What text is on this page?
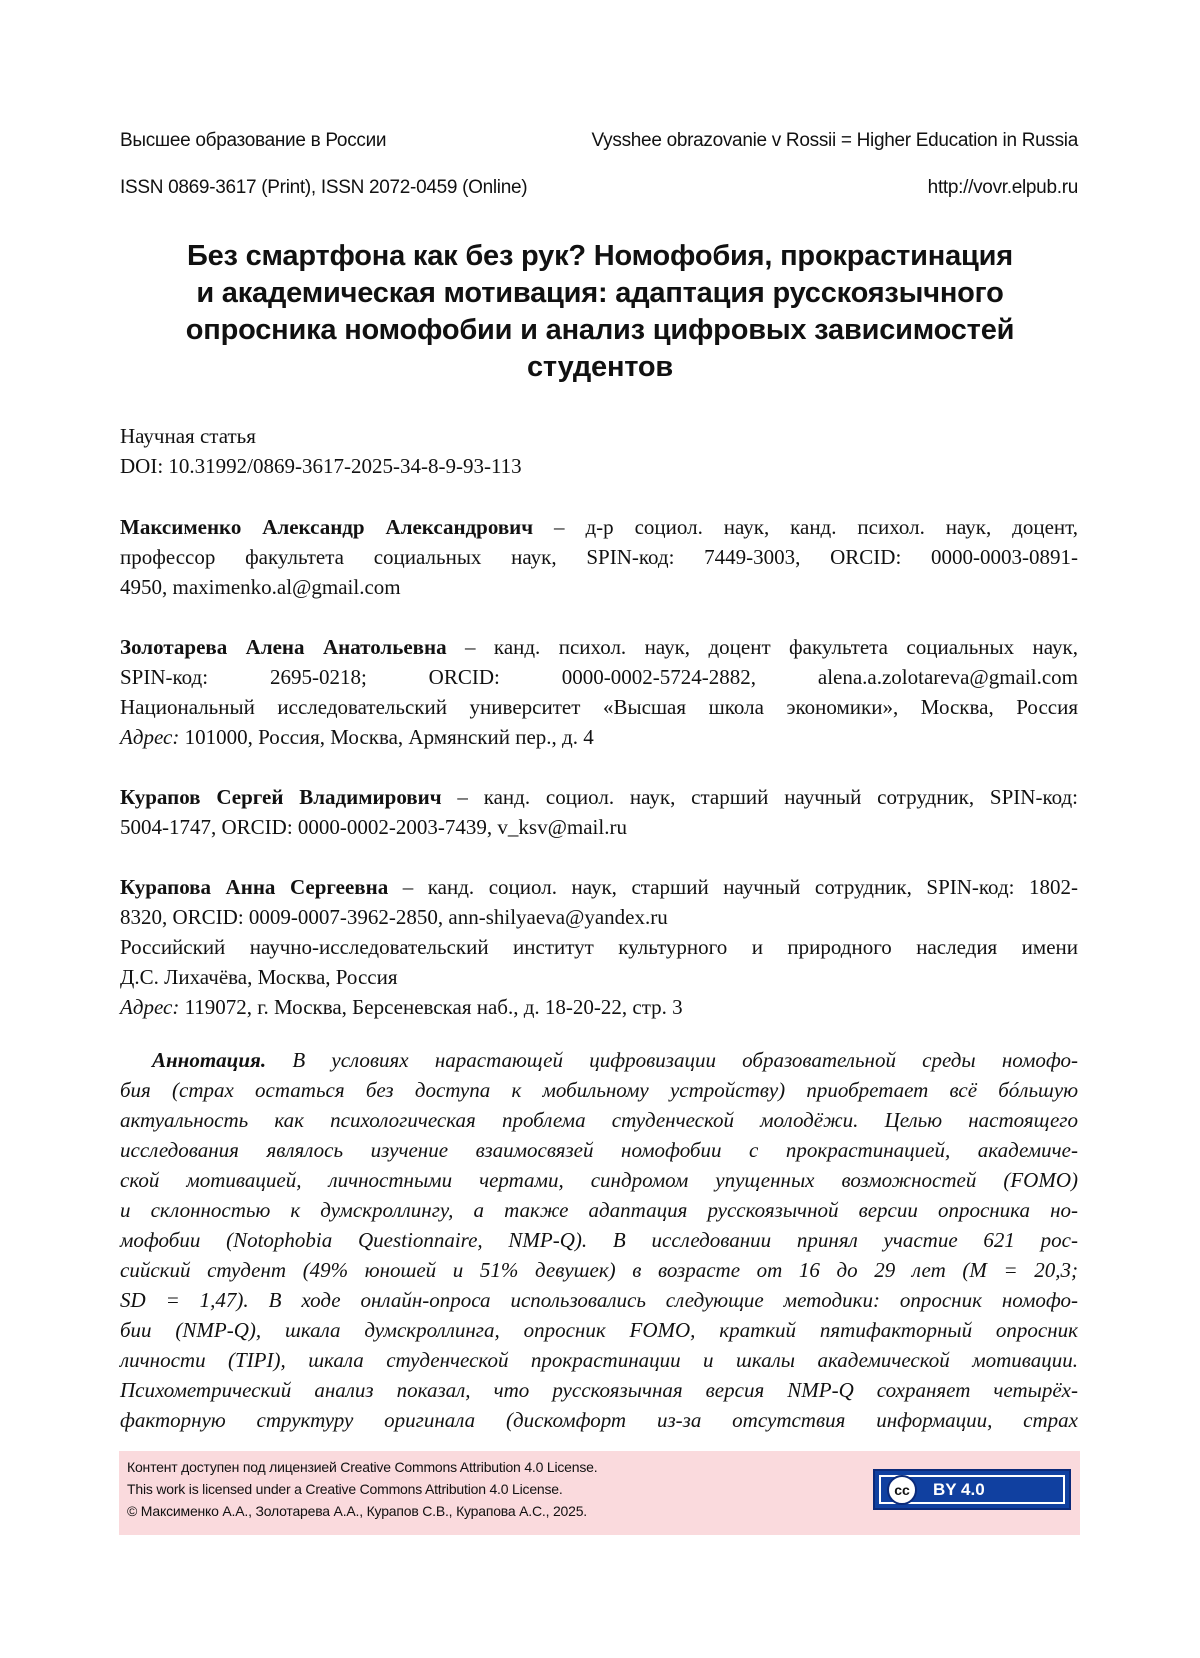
Высшее образование в России	Vysshee obrazovanie v Rossii = Higher Education in Russia
ISSN 0869-3617 (Print), ISSN 2072-0459 (Online)	http://vovr.elpub.ru
Без смартфона как без рук? Номофобия, прокрастинация
и академическая мотивация: адаптация русскоязычного
опросника номофобии и анализ цифровых зависимостей
студентов
Научная статья
DOI: 10.31992/0869-3617-2025-34-8-9-93-113
Максименко Александр Александрович – д-р социол. наук, канд. психол. наук, доцент,
профессор факультета социальных наук, SPIN-код: 7449-3003, ORCID: 0000-0003-0891-
4950, maximenko.al@gmail.com
Золотарева Алена Анатольевна – канд. психол. наук, доцент факультета социальных наук,
SPIN-код: 2695-0218; ORCID: 0000-0002-5724-2882, alena.a.zolotareva@gmail.com
Национальный исследовательский университет «Высшая школа экономики», Москва, Россия
Адрес: 101000, Россия, Москва, Армянский пер., д. 4
Курапов Сергей Владимирович – канд. социол. наук, старший научный сотрудник, SPIN-код:
5004-1747, ORCID: 0000-0002-2003-7439, v_ksv@mail.ru
Курапова Анна Сергеевна – канд. социол. наук, старший научный сотрудник, SPIN-код: 1802-
8320, ORCID: 0009-0007-3962-2850, ann-shilyaeva@yandex.ru
Российский научно-исследовательский институт культурного и природного наследия имени
Д.С. Лихачёва, Москва, Россия
Адрес: 119072, г. Москва, Берсеневская наб., д. 18-20-22, стр. 3
Аннотация. В условиях нарастающей цифровизации образовательной среды номофо-
бия (страх остаться без доступа к мобильному устройству) приобретает всё бóльшую
актуальность как психологическая проблема студенческой молодёжи. Целью настоящего
исследования являлось изучение взаимосвязей номофобии с прокрастинацией, академиче-
ской мотивацией, личностными чертами, синдромом упущенных возможностей (FOMO)
и склонностью к думскроллингу, а также адаптация русскоязычной версии опросника но-
мофобии (Notophobia Questionnaire, NMP-Q). В исследовании принял участие 621 рос-
сийский студент (49% юношей и 51% девушек) в возрасте от 16 до 29 лет (M = 20,3;
SD = 1,47). В ходе онлайн-опроса использовались следующие методики: опросник номофо-
бии (NMP-Q), шкала думскроллинга, опросник FOMO, краткий пятифакторный опросник
личности (TIPI), шкала студенческой прокрастинации и шкалы академической мотивации.
Психометрический анализ показал, что русскоязычная версия NMP-Q сохраняет четырёх-
факторную структуру оригинала (дискомфорт из-за отсутствия информации, страх
Контент доступен под лицензией Creative Commons Attribution 4.0 License.
This work is licensed under a Creative Commons Attribution 4.0 License.
© Максименко А.А., Золотарева А.А., Курапов С.В., Курапова А.С., 2025.
cc	BY 4.0
